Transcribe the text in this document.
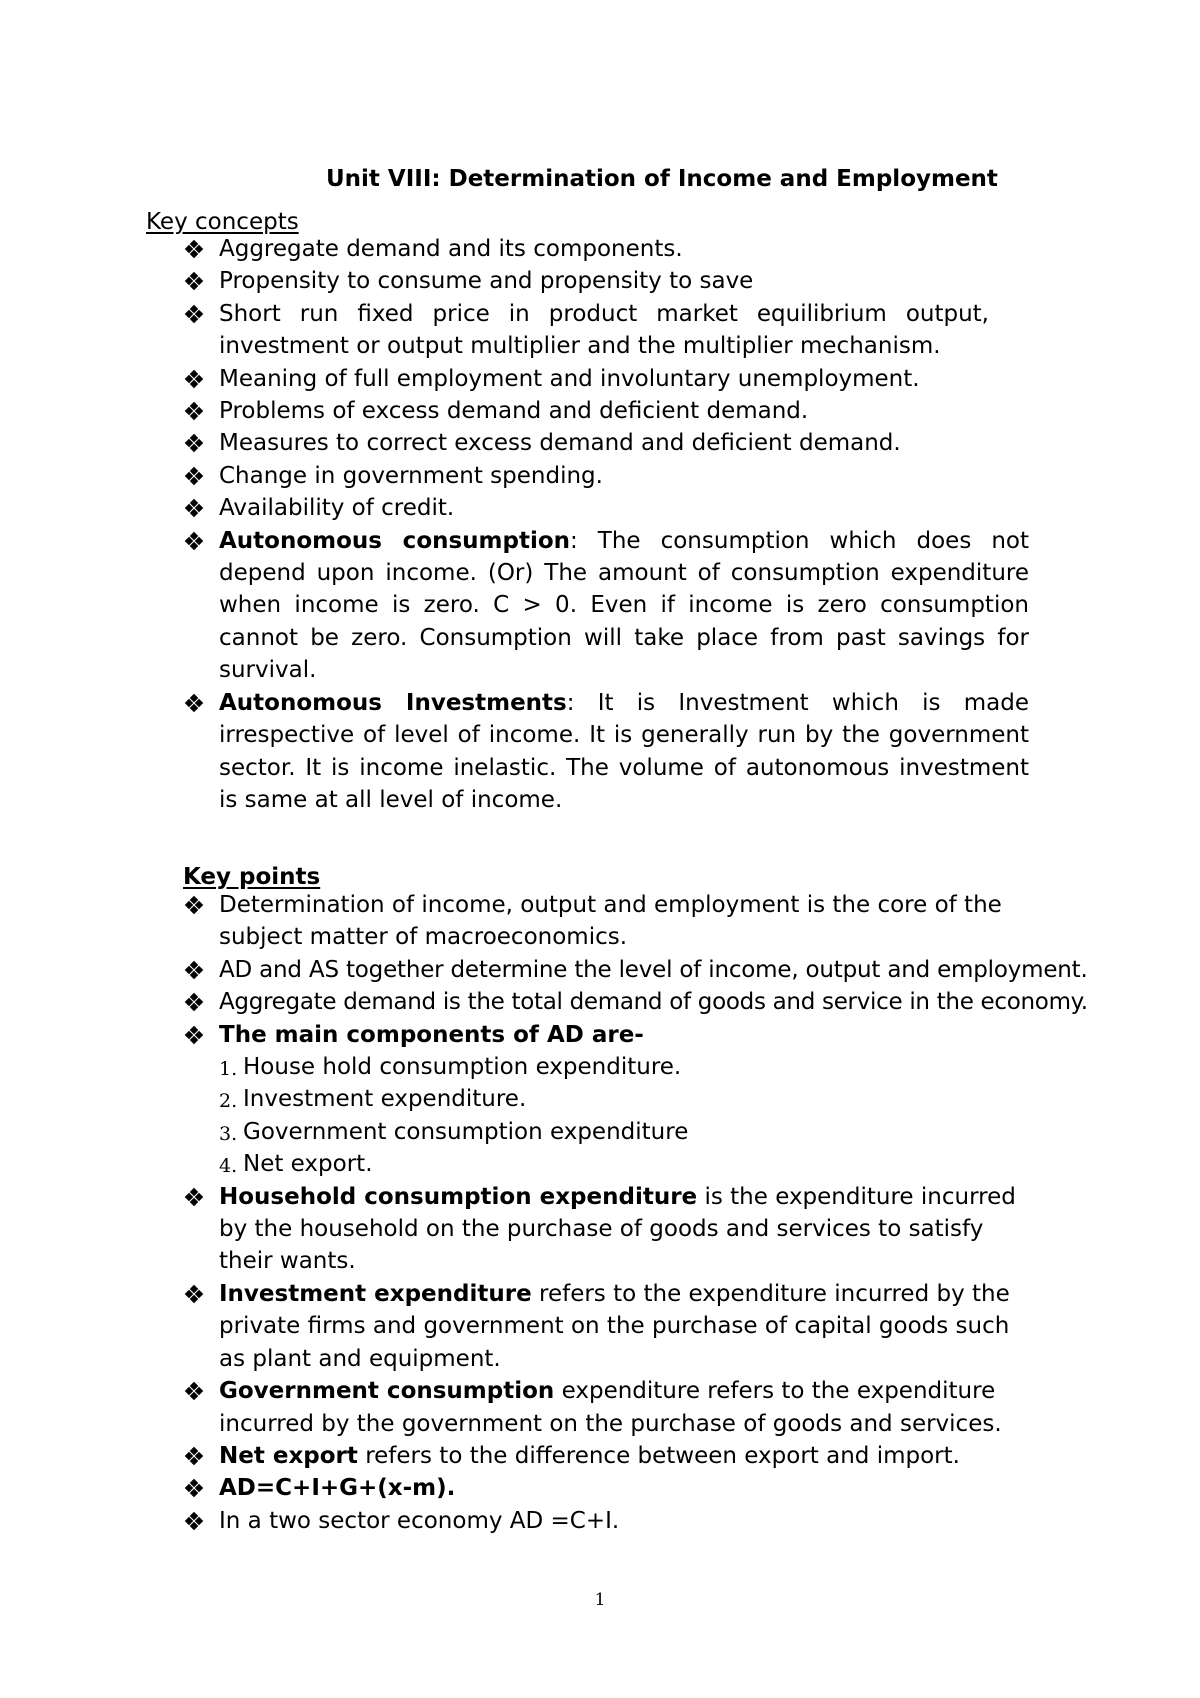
Unit VIII: Determination of Income and Employment
Key concepts
Aggregate demand and its components.
Propensity to consume and propensity to save
Short run fixed price in product market equilibrium output, investment or output multiplier and the multiplier mechanism.
Meaning of full employment and involuntary unemployment.
Problems of excess demand and deficient demand.
Measures to correct excess demand and deficient demand.
Change in government spending.
Availability of credit.
Autonomous consumption: The consumption which does not depend upon income. (Or) The amount of consumption expenditure when income is zero. C > 0. Even if income is zero consumption cannot be zero. Consumption will take place from past savings for survival.
Autonomous Investments: It is Investment which is made irrespective of level of income. It is generally run by the government sector. It is income inelastic. The volume of autonomous investment is same at all level of income.
Key points
Determination of income, output and employment is the core of the subject matter of macroeconomics.
AD and AS together determine the level of income, output and employment.
Aggregate demand is the total demand of goods and service in the economy.
The main components of AD are-
1. House hold consumption expenditure.
2. Investment expenditure.
3. Government consumption expenditure
4. Net export.
Household consumption expenditure is the expenditure incurred by the household on the purchase of goods and services to satisfy their wants.
Investment expenditure refers to the expenditure incurred by the private firms and government on the purchase of capital goods such as plant and equipment.
Government consumption expenditure refers to the expenditure incurred by the government on the purchase of goods and services.
Net export refers to the difference between export and import.
AD=C+I+G+(x-m).
In a two sector economy AD =C+I.
1
